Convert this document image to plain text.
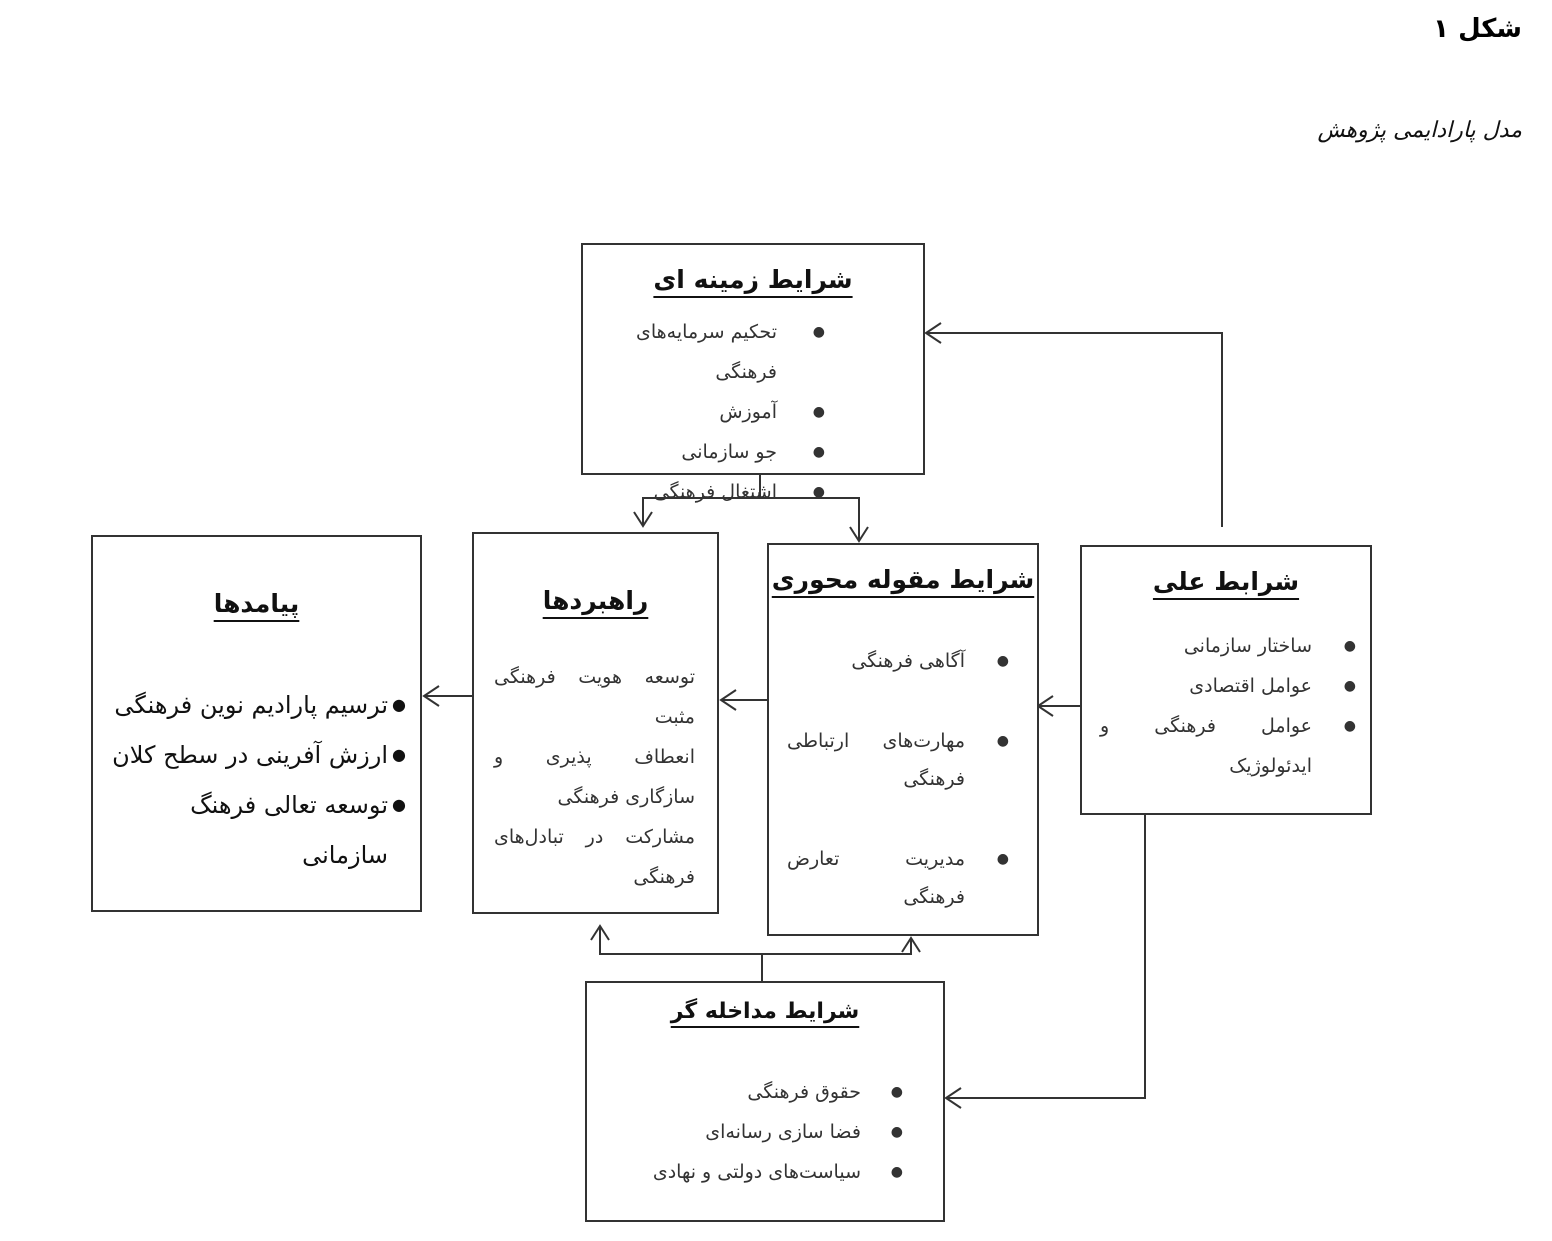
شکل ۱
مدل پارادایمی پژوهش
شرایط زمینه ای
● تحکیم سرمایه‌های فرهنگی
● آموزش
● جو سازمانی
● اشتغال فرهنگی
شرابط علی
● ساختار سازمانی
● عوامل اقتصادی
● عوامل فرهنگی و ایدئولوژیک
شرایط مقوله محوری
● آگاهی فرهنگی
● مهارت‌های ارتباطی فرهنگی
● مدیریت تعارض فرهنگی
راهبردها
توسعه هویت فرهنگی مثبت
انعطاف پذیری و سازگاری فرهنگی
مشارکت در تبادل‌های فرهنگی
پیامدها
● ترسیم پارادیم نوین فرهنگی
● ارزش آفرینی در سطح کلان
● توسعه تعالی فرهنگ سازمانی
شرایط مداخله گر
● حقوق فرهنگی
● فضا سازی رسانه‌ای
● سیاست‌های دولتی و نهادی
